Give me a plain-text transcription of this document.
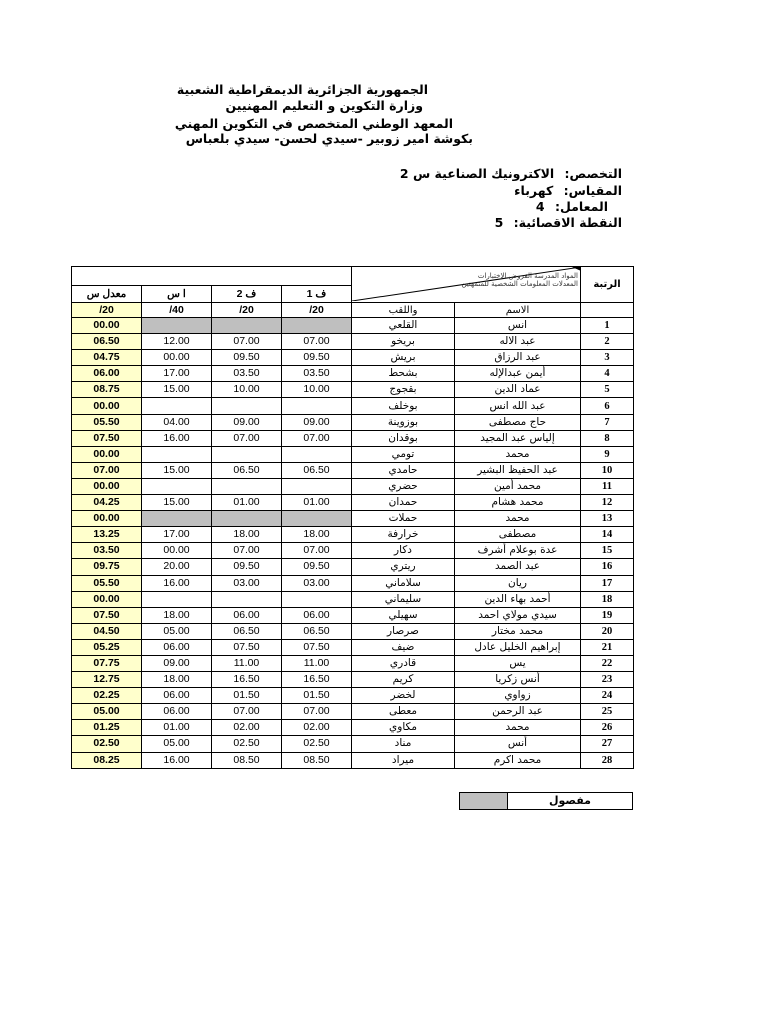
الجمهورية الجزائرية الديمقراطية الشعبية
وزارة التكوين و التعليم المهنيين
المعهد الوطني المتخصص في التكوين المهني
بكوشة امير زوبير -سيدي لحسن- سيدي بلعباس
التخصص: الاكترونيك الصناعية س 2
المقياس: كهرباء
المعامل: 4
النقطة الاقصائية: 5

				المواد المدرسة الفروض الاختبارات المعدلات المعلومات الشخصية للمتمهنين		الرتبة
معدل س	ا س	ف 2	ف 1			
/20	/40	/20	/20	واللقب	الاسم	
00.00				القلعي	انس	1
06.50	12.00	07.00	07.00	بريخو	عبد الاله	2
04.75	00.00	09.50	09.50	بريش	عبد الرزاق	3
06.00	17.00	03.50	03.50	بشحط	أيمن عبدالإله	4
08.75	15.00	10.00	10.00	بقجوج	عماد الدين	5
00.00				بوخلف	عبد الله انس	6
05.50	04.00	09.00	09.00	بوزوينة	حاج مصطفى	7
07.50	16.00	07.00	07.00	بوقدان	إلياس عبد المجيد	8
00.00				تومي	محمد	9
07.00	15.00	06.50	06.50	حامدي	عبد الحفيظ البشير	10
00.00				حضري	محمد أمين	11
04.25	15.00	01.00	01.00	حمدان	محمد هشام	12
00.00				حملات	محمد	13
13.25	17.00	18.00	18.00	خرارفة	مصطفى	14
03.50	00.00	07.00	07.00	دكار	عدة بوعلام أشرف	15
09.75	20.00	09.50	09.50	ريتري	عبد الصمد	16
05.50	16.00	03.00	03.00	سلاماني	ريان	17
00.00				سليماني	أحمد بهاء الدين	18
07.50	18.00	06.00	06.00	سهيلي	سيدي مولاي احمد	19
04.50	05.00	06.50	06.50	صرصار	محمد مختار	20
05.25	06.00	07.50	07.50	ضيف	إبراهيم الخليل عادل	21
07.75	09.00	11.00	11.00	قادري	يس	22
12.75	18.00	16.50	16.50	كريم	أنس زكريا	23
02.25	06.00	01.50	01.50	لخضر	زواوي	24
05.00	06.00	07.00	07.00	معطى	عبد الرحمن	25
01.25	01.00	02.00	02.00	مكاوي	محمد	26
02.50	05.00	02.50	02.50	مناد	أنس	27
08.25	16.00	08.50	08.50	ميراد	محمد اكرم	28
مفصول
